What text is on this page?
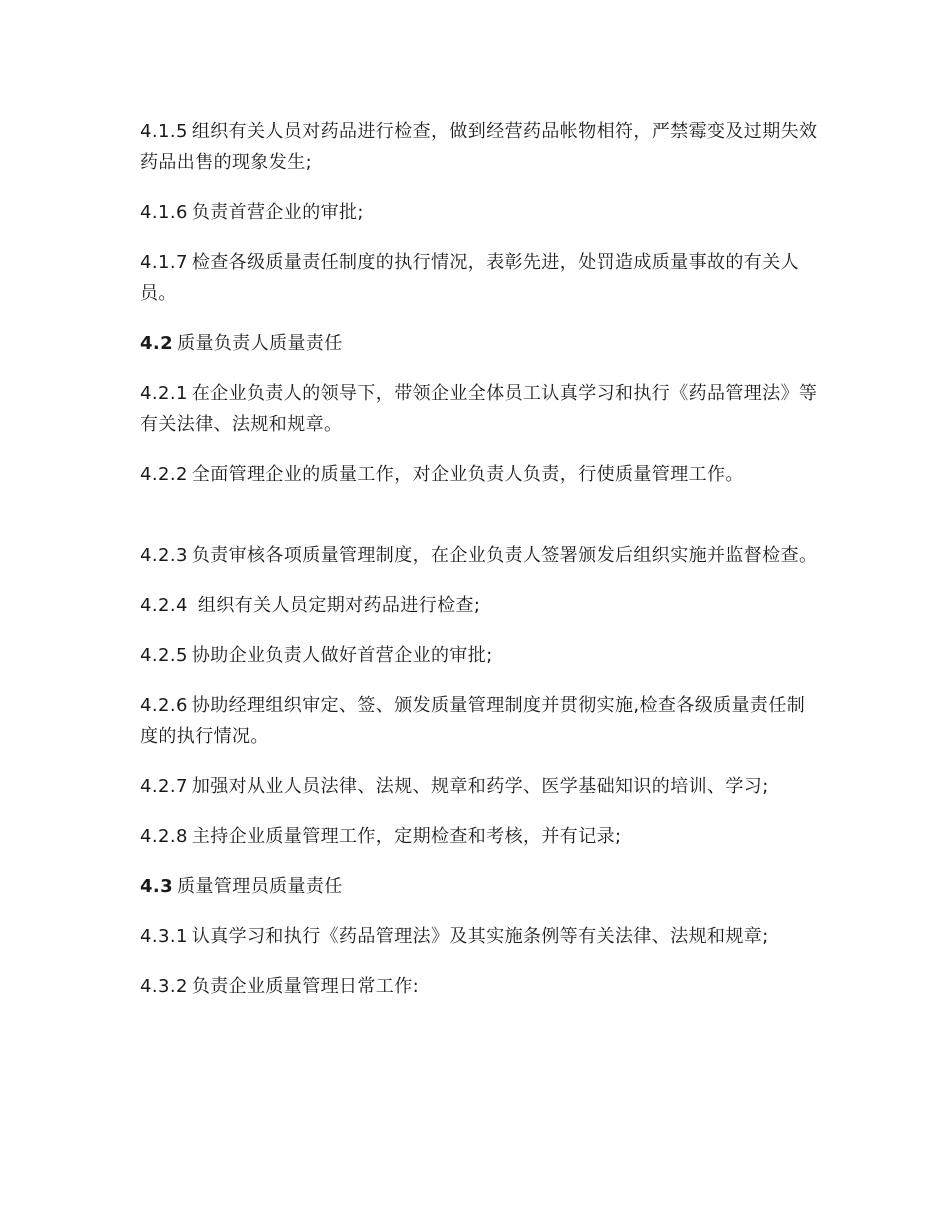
4.1.5 组织有关人员对药品进行检查，做到经营药品帐物相符，严禁霉变及过期失效药品出售的现象发生;

4.1.6 负责首营企业的审批;

4.1.7 检查各级质量责任制度的执行情况，表彰先进，处罚造成质量事故的有关人员。

4.2 质量负责人质量责任

4.2.1 在企业负责人的领导下，带领企业全体员工认真学习和执行《药品管理法》等有关法律、法规和规章。

4.2.2 全面管理企业的质量工作，对企业负责人负责，行使质量管理工作。

4.2.3 负责审核各项质量管理制度，在企业负责人签署颁发后组织实施并监督检查。

4.2.4 组织有关人员定期对药品进行检查;

4.2.5 协助企业负责人做好首营企业的审批;

4.2.6 协助经理组织审定、签、颁发质量管理制度并贯彻实施,检查各级质量责任制度的执行情况。

4.2.7 加强对从业人员法律、法规、规章和药学、医学基础知识的培训、学习;

4.2.8 主持企业质量管理工作，定期检查和考核，并有记录;

4.3 质量管理员质量责任

4.3.1 认真学习和执行《药品管理法》及其实施条例等有关法律、法规和规章;

4.3.2 负责企业质量管理日常工作:
